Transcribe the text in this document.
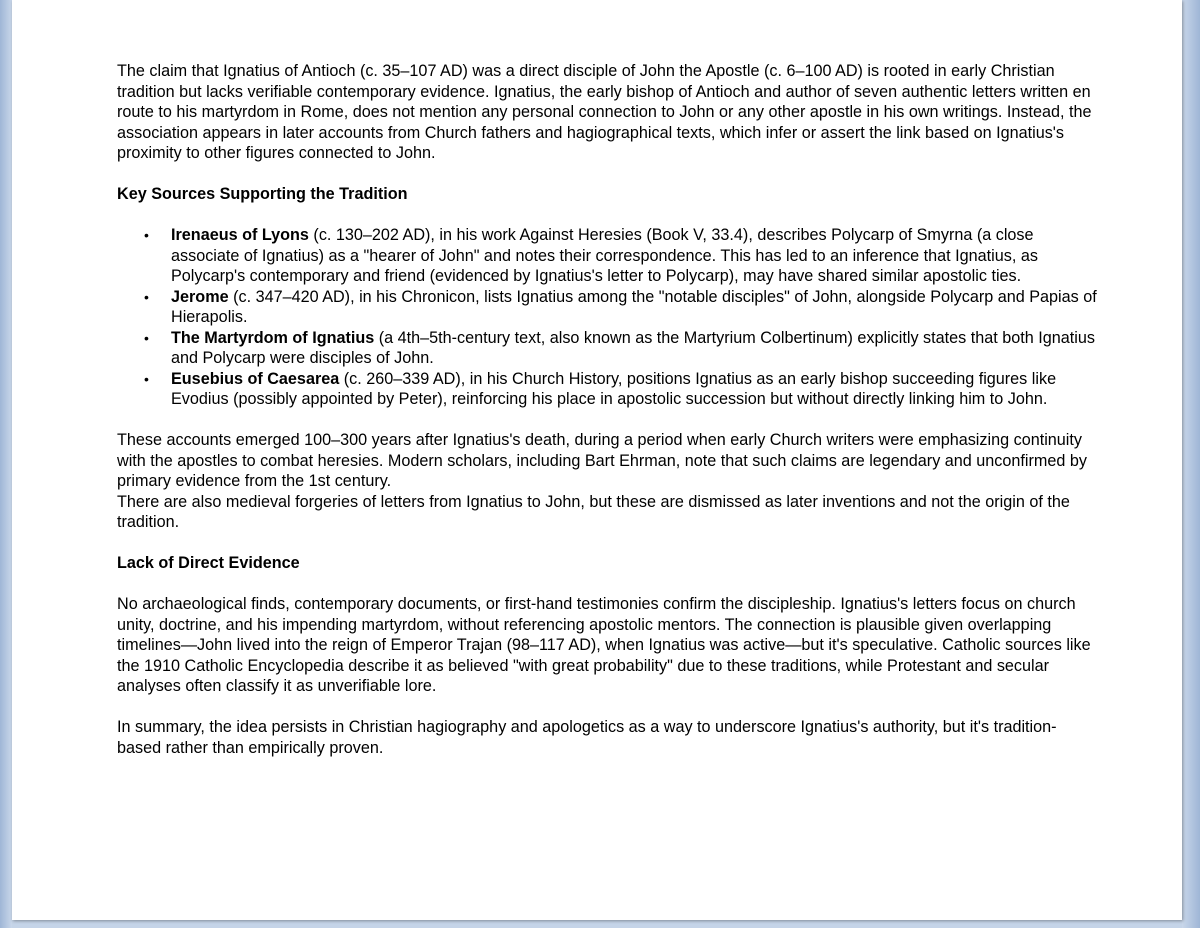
The claim that Ignatius of Antioch (c. 35–107 AD) was a direct disciple of John the Apostle (c. 6–100 AD) is rooted in early Christian tradition but lacks verifiable contemporary evidence. Ignatius, the early bishop of Antioch and author of seven authentic letters written en route to his martyrdom in Rome, does not mention any personal connection to John or any other apostle in his own writings. Instead, the association appears in later accounts from Church fathers and hagiographical texts, which infer or assert the link based on Ignatius's proximity to other figures connected to John.

Key Sources Supporting the Tradition

• Irenaeus of Lyons (c. 130–202 AD), in his work Against Heresies (Book V, 33.4), describes Polycarp of Smyrna (a close associate of Ignatius) as a "hearer of John" and notes their correspondence. This has led to an inference that Ignatius, as Polycarp's contemporary and friend (evidenced by Ignatius's letter to Polycarp), may have shared similar apostolic ties.
• Jerome (c. 347–420 AD), in his Chronicon, lists Ignatius among the "notable disciples" of John, alongside Polycarp and Papias of Hierapolis.
• The Martyrdom of Ignatius (a 4th–5th-century text, also known as the Martyrium Colbertinum) explicitly states that both Ignatius and Polycarp were disciples of John.
• Eusebius of Caesarea (c. 260–339 AD), in his Church History, positions Ignatius as an early bishop succeeding figures like Evodius (possibly appointed by Peter), reinforcing his place in apostolic succession but without directly linking him to John.

These accounts emerged 100–300 years after Ignatius's death, during a period when early Church writers were emphasizing continuity with the apostles to combat heresies. Modern scholars, including Bart Ehrman, note that such claims are legendary and unconfirmed by primary evidence from the 1st century.

There are also medieval forgeries of letters from Ignatius to John, but these are dismissed as later inventions and not the origin of the tradition.

Lack of Direct Evidence

No archaeological finds, contemporary documents, or first-hand testimonies confirm the discipleship. Ignatius's letters focus on church unity, doctrine, and his impending martyrdom, without referencing apostolic mentors. The connection is plausible given overlapping timelines—John lived into the reign of Emperor Trajan (98–117 AD), when Ignatius was active—but it's speculative. Catholic sources like the 1910 Catholic Encyclopedia describe it as believed "with great probability" due to these traditions, while Protestant and secular analyses often classify it as unverifiable lore.

In summary, the idea persists in Christian hagiography and apologetics as a way to underscore Ignatius's authority, but it's tradition-based rather than empirically proven.
